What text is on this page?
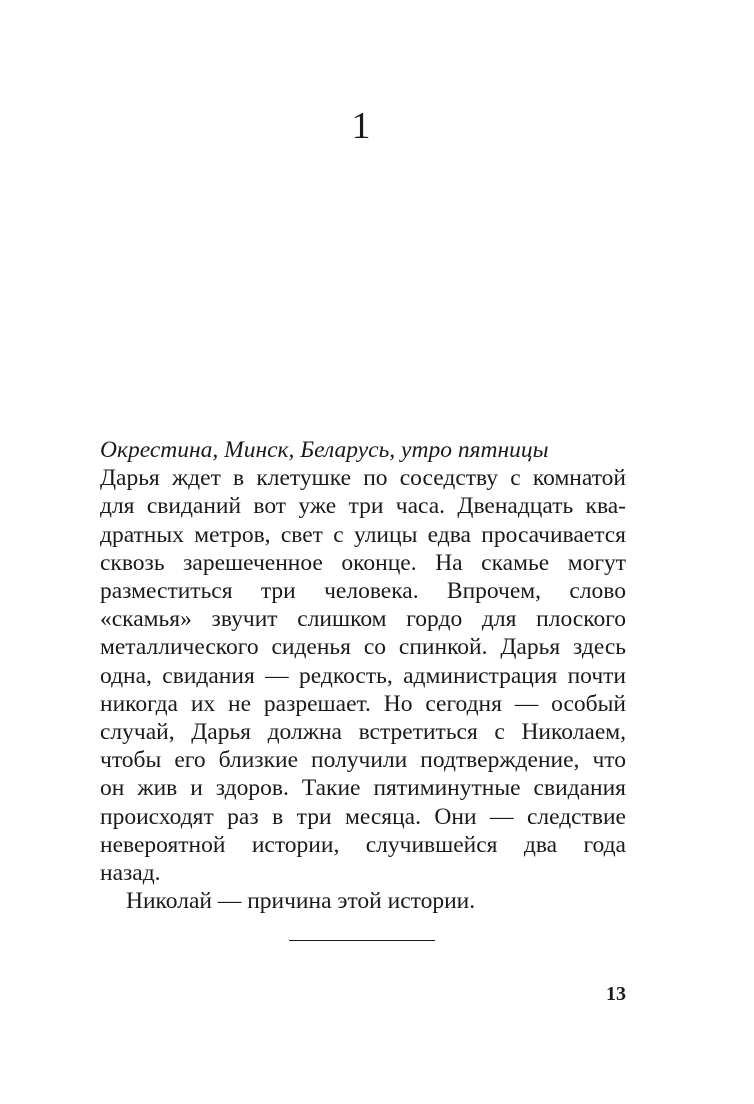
1
Окрестина, Минск, Беларусь, утро пятницы
Дарья ждет в клетушке по соседству с комнатой
для свиданий вот уже три часа. Двенадцать ква-
дратных метров, свет с улицы едва просачивается
сквозь зарешеченное оконце. На скамье могут
разместиться три человека. Впрочем, слово
«скамья» звучит слишком гордо для плоского
металлического сиденья со спинкой. Дарья здесь
одна, свидания — редкость, администрация почти
никогда их не разрешает. Но сегодня — особый
случай, Дарья должна встретиться с Николаем,
чтобы его близкие получили подтверждение, что
он жив и здоров. Такие пятиминутные свидания
происходят раз в три месяца. Они — следствие
невероятной истории, случившейся два года
назад.
Николай — причина этой истории.
13
